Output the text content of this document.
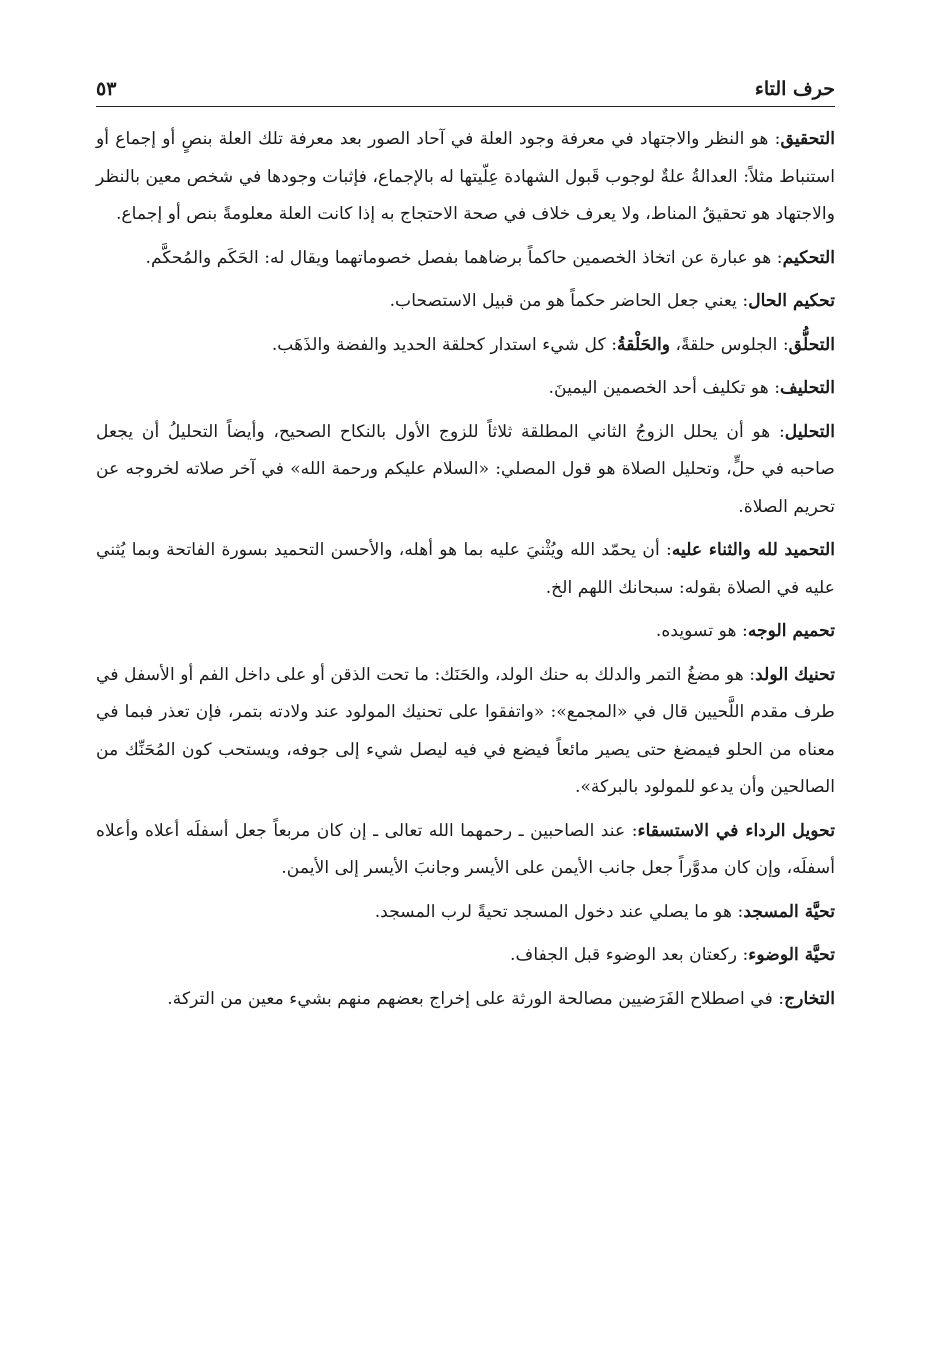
حرف التاء
٥٣

التحقيق: هو النظر والاجتهاد في معرفة وجود العلة في آحاد الصور بعد معرفة تلك العلة بنصٍ أو إجماع أو استنباط مثلاً: العدالةُ علةٌ لوجوب قَبول الشهادة عِلّيتها له بالإجماع، فإثبات وجودها في شخص معين بالنظر والاجتهاد هو تحقيقُ المناط، ولا يعرف خلاف في صحة الاحتجاج به إذا كانت العلة معلومةً بنص أو إجماع.

التحكيم: هو عبارة عن اتخاذ الخصمين حاكماً برضاهما بفصل خصوماتهما ويقال له: الحَكَم والمُحكَّم.

تحكيم الحال: يعني جعل الحاضر حكماً هو من قبيل الاستصحاب.

التحلُّق: الجلوس حلقةً، والحَلْقةُ: كل شيء استدار كحلقة الحديد والفضة والذَهَب.

التحليف: هو تكليف أحد الخصمين اليمينَ.

التحليل: هو أن يحلل الزوجُ الثاني المطلقة ثلاثاً للزوج الأول بالنكاح الصحيح، وأيضاً التحليلُ أن يجعل صاحبه في حلٍّ، وتحليل الصلاة هو قول المصلي: «السلام عليكم ورحمة الله» في آخر صلاته لخروجه عن تحريم الصلاة.

التحميد لله والثناء عليه: أن يحمّد الله ويُثْنيَ عليه بما هو أهله، والأحسن التحميد بسورة الفاتحة وبما يُثني عليه في الصلاة بقوله: سبحانك اللهم الخ.

تحميم الوجه: هو تسويده.

تحنيك الولد: هو مضغُ التمر والدلك به حنك الولد، والحَنَك: ما تحت الذقن أو على داخل الفم أو الأسفل في طرف مقدم اللَّحيين قال في «المجمع»: «واتفقوا على تحنيك المولود عند ولادته بتمر، فإن تعذر فبما في معناه من الحلو فيمضغ حتى يصير مائعاً فيضع في فيه ليصل شيء إلى جوفه، ويستحب كون المُحَنِّك من الصالحين وأن يدعو للمولود بالبركة».

تحويل الرداء في الاستسقاء: عند الصاحبين ـ رحمهما الله تعالى ـ إن كان مربعاً جعل أسفلَه أعلاه وأعلاه أسفلَه، وإن كان مدوَّراً جعل جانب الأيمن على الأيسر وجانبَ الأيسر إلى الأيمن.

تحيَّة المسجد: هو ما يصلي عند دخول المسجد تحيةً لرب المسجد.

تحيَّة الوضوء: ركعتان بعد الوضوء قبل الجفاف.

التخارج: في اصطلاح الفَرَضيين مصالحة الورثة على إخراج بعضهم منهم بشيء معين من التركة.
